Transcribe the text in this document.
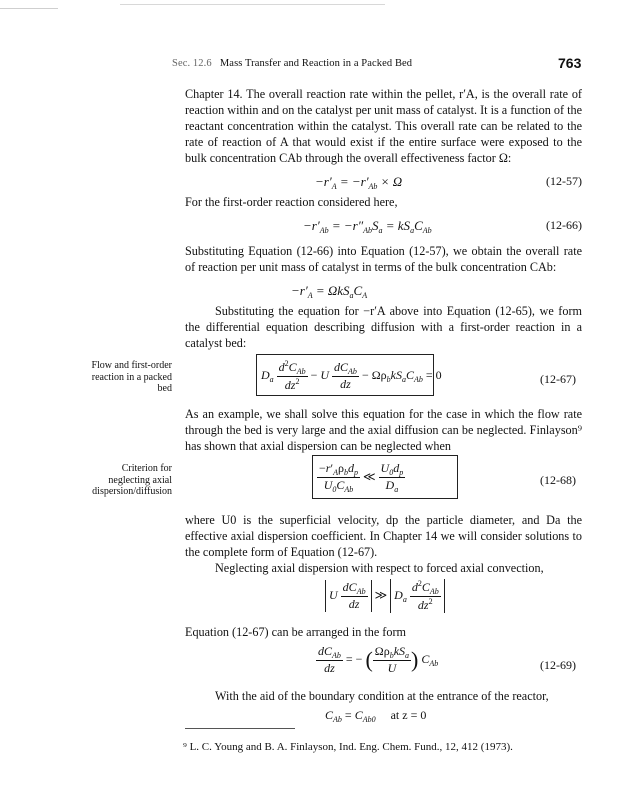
Sec. 12.6 Mass Transfer and Reaction in a Packed Bed	763
Chapter 14. The overall reaction rate within the pellet, r′A, is the overall rate of reaction within and on the catalyst per unit mass of catalyst. It is a function of the reactant concentration within the catalyst. This overall rate can be related to the rate of reaction of A that would exist if the entire surface were exposed to the bulk concentration CAb through the overall effectiveness factor Ω:
$-r'_A = -r'_{Ab} \times \Omega$	(12-57)
For the first-order reaction considered here,
$-r'_{Ab} = -r''_{Ab}S_a = kS_aC_{Ab}$	(12-66)
Substituting Equation (12-66) into Equation (12-57), we obtain the overall rate of reaction per unit mass of catalyst in terms of the bulk concentration CAb:
$-r'_A = \Omega kS_aC_A$
Substituting the equation for −r′A above into Equation (12-65), we form the differential equation describing diffusion with a first-order reaction in a catalyst bed:
Flow and first-order reaction in a packed bed
$D_a \frac{d^2C_{Ab}}{dz^2} - U \frac{dC_{Ab}}{dz} - \Omega\rho_bkS_aC_{Ab} = 0$	(12-67)
As an example, we shall solve this equation for the case in which the flow rate through the bed is very large and the axial diffusion can be neglected. Finlayson⁹ has shown that axial dispersion can be neglected when
Criterion for neglecting axial dispersion/diffusion	$\frac{-r'_A\rho_bd_p}{U_0C_{Ab}}$ ≪ $\frac{U_0d_p}{D_a}$	(12-68)
where U0 is the superficial velocity, dp the particle diameter, and Da the effective axial dispersion coefficient. In Chapter 14 we will consider solutions to the complete form of Equation (12-67).
Neglecting axial dispersion with respect to forced axial convection,
U $\frac{dC_{Ab}}{dz}$ ≫ $D_a \frac{d^2C_{Ab}}{dz^2}$
Equation (12-67) can be arranged in the form
$\frac{dC_{Ab}}{dz}$ = − ( $\frac{\Omega\rho_bkS_a}{U}$ ) $C_{Ab}$	(12-69)
With the aid of the boundary condition at the entrance of the reactor,
$C_{Ab} = C_{Ab0}$ at z = 0
⁹ L. C. Young and B. A. Finlayson, Ind. Eng. Chem. Fund., 12, 412 (1973).
